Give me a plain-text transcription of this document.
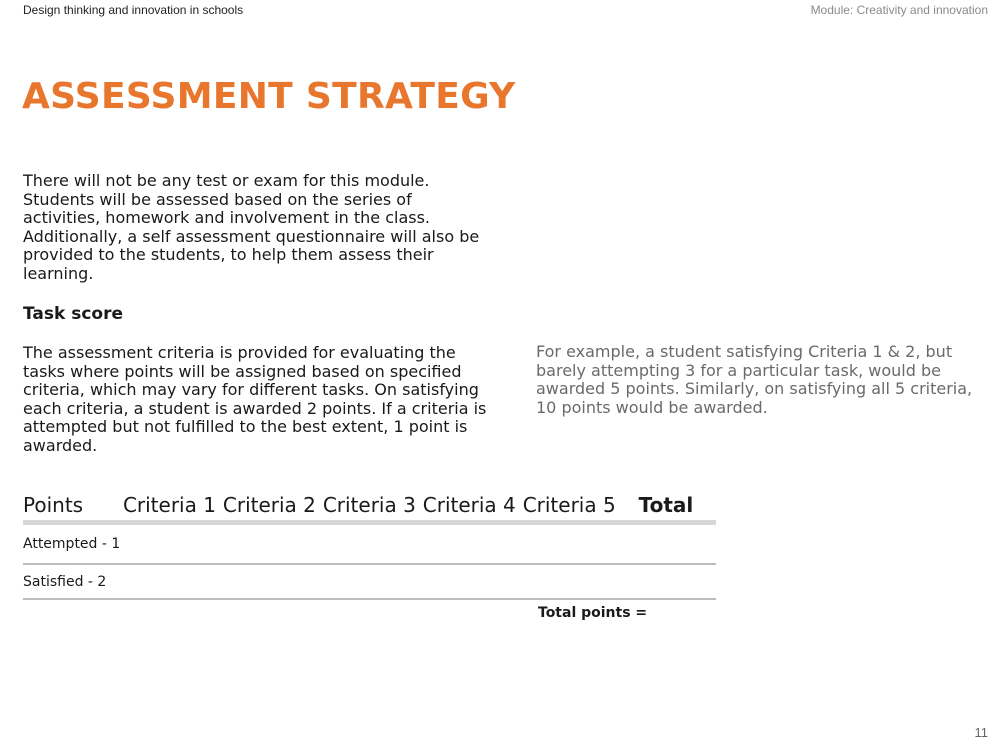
Design thinking and innovation in schools	Module: Creativity and innovation
ASSESSMENT STRATEGY

There will not be any test or exam for this module. Students will be assessed based on the series of activities, homework and involvement in the class. Additionally, a self assessment questionnaire will also be provided to the students, to help them assess their learning.

Task score

The assessment criteria is provided for evaluating the tasks where points will be assigned based on specified criteria, which may vary for different tasks. On satisfying each criteria, a student is awarded 2 points. If a criteria is attempted but not fulfilled to the best extent, 1 point is awarded.

For example, a student satisfying Criteria 1 & 2, but barely attempting 3 for a particular task, would be awarded 5 points. Similarly, on satisfying all 5 criteria, 10 points would be awarded.

Points	Criteria 1 Criteria 2 Criteria 3 Criteria 4 Criteria 5	Total
Attempted - 1
Satisfied - 2
Total points =
11
